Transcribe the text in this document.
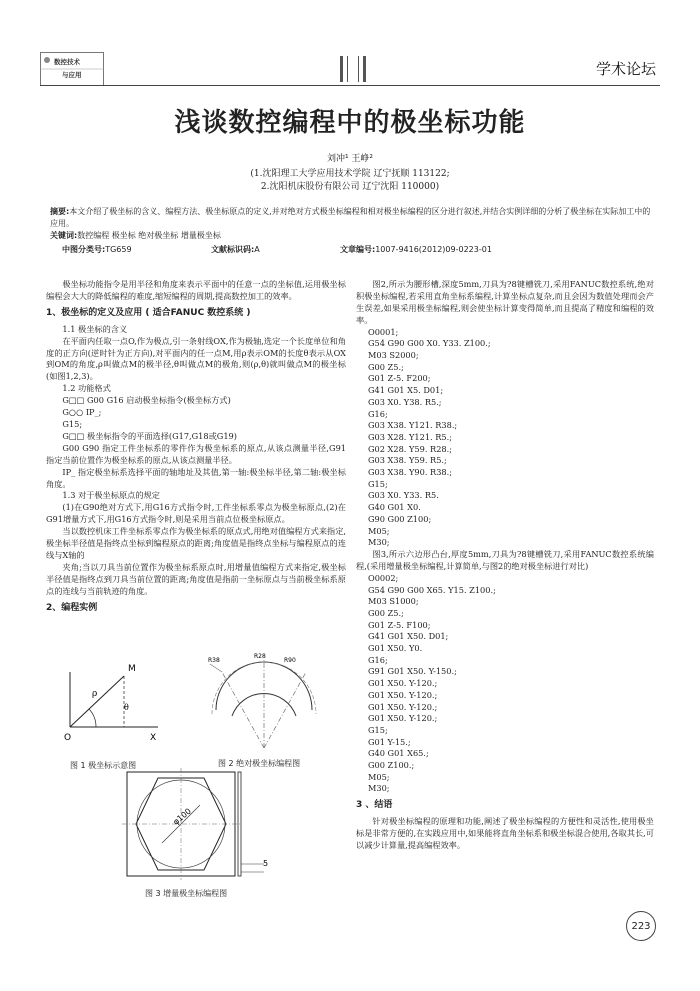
数控技术
与应用	学术论坛
浅谈数控编程中的极坐标功能
刘冲¹ 王峥²
(1.沈阳理工大学应用技术学院 辽宁抚顺 113122;
2.沈阳机床股份有限公司 辽宁沈阳 110000)
摘要:本文介绍了极坐标的含义、编程方法、极坐标原点的定义,并对绝对方式极坐标编程和相对极坐标编程的区分进行叙述,并结合实例详细的分析了极坐标在实际加工中的应用。
关键词:数控编程 极坐标 绝对极坐标 增量极坐标
中图分类号:TG659	文献标识码:A	文章编号:1007-9416(2012)09-0223-01

极坐标功能指令是用半径和角度来表示平面中的任意一点的坐标值,运用极坐标编程会大大的降低编程的难度,缩短编程的周期,提高数控加工的效率。

1、极坐标的定义及应用 ( 适合FANUC 数控系统 )

1.1 极坐标的含义

在平面内任取一点O,作为极点,引一条射线OX,作为极轴,选定一个长度单位和角度的正方向(逆时针为正方向),对平面内的任一点M,用ρ表示OM的长度θ表示从OX到OM的角度,ρ叫做点M的极半径,θ叫做点M的极角,则(ρ,θ)就叫做点M的极坐标(如图1,2,3)。

1.2 功能格式

G□□ G00 G16 启动极坐标指令(极坐标方式)

G○○ IP_;

G15;

G□□ 极坐标指令的平面选择(G17,G18或G19)

G00 G90 指定工件坐标系的零件作为极坐标系的原点,从该点测量半径,G91 指定当前位置作为极坐标系的原点,从该点测量半径。

IP_ 指定极坐标系选择平面的轴地址及其值,第一轴:极坐标半径,第二轴:极坐标角度。

1.3 对于极坐标原点的规定

(1)在G90绝对方式下,用G16方式指令时,工件坐标系零点为极坐标原点,(2)在G91增量方式下,用G16方式指令时,则是采用当前点位极坐标原点。

当以数控机床工件坐标系零点作为极坐标系的原点式,用绝对值编程方式来指定,极坐标半径值是指终点坐标到编程原点的距离;角度值是指终点坐标与编程原点的连线与X轴的

夹角;当以刀具当前位置作为极坐标系原点时,用增量值编程方式来指定,极坐标半径值是指终点到刀具当前位置的距离;角度值是指前一坐标原点与当前极坐标系原点的连线与当前轨迹的角度。

2、编程实例
M
ρ
θ
O	X
图 1 极坐标示意图
R38
R28
R90
图 2 绝对极坐标编程图
φ100
5
图 3 增量极坐标编程图

图2,所示为腰形槽,深度5mm,刀具为?8键槽铣刀,采用FANUC数控系统,绝对积极坐标编程,若采用直角坐标系编程,计算坐标点复杂,而且会因为数值处理而会产生误差,如果采用极坐标编程,则会使坐标计算变得简单,而且提高了精度和编程的效率。

O0001;
G54 G90 G00 X0. Y33. Z100.;
M03 S2000;
G00 Z5.;
G01 Z-5. F200;
G41 G01 X5. D01;
G03 X0. Y38. R5.;
G16;
G03 X38. Y121. R38.;
G03 X28. Y121. R5.;
G02 X28. Y59. R28.;
G03 X38. Y59. R5.;
G03 X38. Y90. R38.;
G15;
G03 X0. Y33. R5.
G40 G01 X0.
G90 G00 Z100;
M05;
M30;

图3,所示六边形凸台,厚度5mm,刀具为?8键槽铣刀,采用FANUC数控系统编程,(采用增量极坐标编程,计算简单,与图2的绝对极坐标进行对比)

O0002;
G54 G90 G00 X65. Y15. Z100.;
M03 S1000;
G00 Z5.;
G01 Z-5. F100;
G41 G01 X50. D01;
G01 X50. Y0.
G16;
G91 G01 X50. Y-150.;
G01 X50. Y-120.;
G01 X50. Y-120.;
G01 X50. Y-120.;
G01 X50. Y-120.;
G15;
G01 Y-15.;
G40 G01 X65.;
G00 Z100.;
M05;
M30;
3 、结语

针对极坐标编程的原理和功能,阐述了极坐标编程的方便性和灵活性,使用极坐标是非常方便的,在实践应用中,如果能将直角坐标系和极坐标混合使用,各取其长,可以减少计算量,提高编程效率。

223
